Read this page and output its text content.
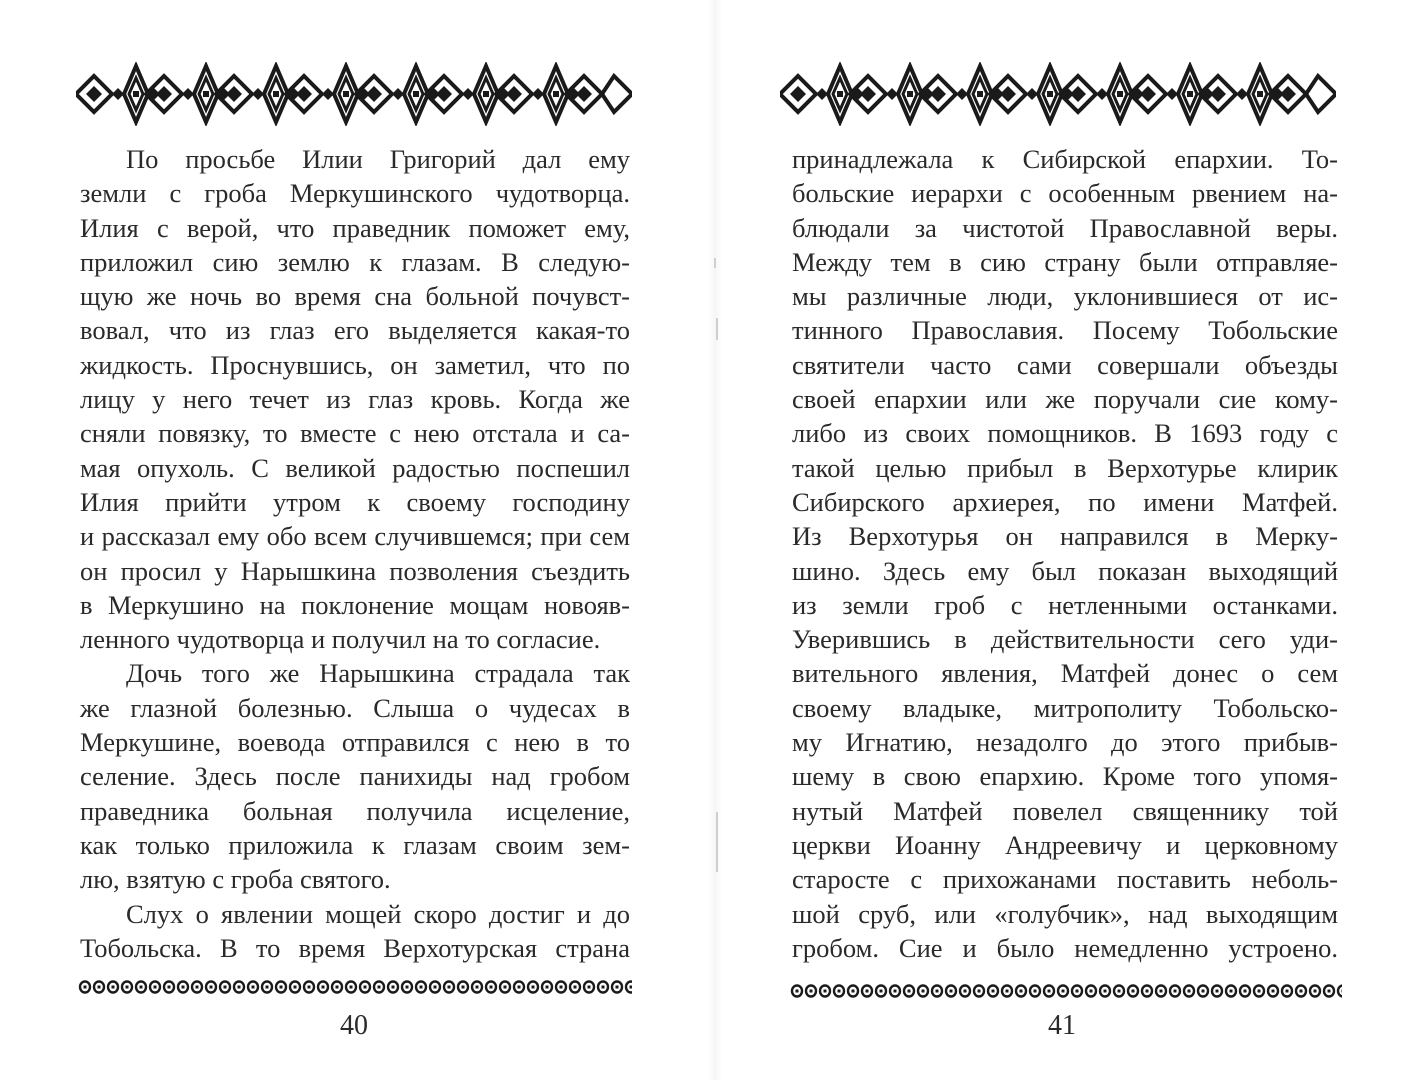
По просьбе Илии Григорий дал ему
земли с гроба Меркушинского чудотворца.
Илия с верой, что праведник поможет ему,
приложил сию землю к глазам. В следую-
щую же ночь во время сна больной почувст-
вовал, что из глаз его выделяется какая-то
жидкость. Проснувшись, он заметил, что по
лицу у него течет из глаз кровь. Когда же
сняли повязку, то вместе с нею отстала и са-
мая опухоль. С великой радостью поспешил
Илия прийти утром к своему господину
и рассказал ему обо всем случившемся; при сем
он просил у Нарышкина позволения съездить
в Меркушино на поклонение мощам новояв-
ленного чудотворца и получил на то согласие.
Дочь того же Нарышкина страдала так
же глазной болезнью. Слыша о чудесах в
Меркушине, воевода отправился с нею в то
селение. Здесь после панихиды над гробом
праведника больная получила исцеление,
как только приложила к глазам своим зем-
лю, взятую с гроба святого.
Слух о явлении мощей скоро достиг и до
Тобольска. В то время Верхотурская страна
40
принадлежала к Сибирской епархии. То-
больские иерархи с особенным рвением на-
блюдали за чистотой Православной веры.
Между тем в сию страну были отправляе-
мы различные люди, уклонившиеся от ис-
тинного Православия. Посему Тобольские
святители часто сами совершали объезды
своей епархии или же поручали сие кому-
либо из своих помощников. В 1693 году с
такой целью прибыл в Верхотурье клирик
Сибирского архиерея, по имени Матфей.
Из Верхотурья он направился в Мерку-
шино. Здесь ему был показан выходящий
из земли гроб с нетленными останками.
Уверившись в действительности сего уди-
вительного явления, Матфей донес о сем
своему владыке, митрополиту Тобольско-
му Игнатию, незадолго до этого прибыв-
шему в свою епархию. Кроме того упомя-
нутый Матфей повелел священнику той
церкви Иоанну Андреевичу и церковному
старосте с прихожанами поставить неболь-
шой сруб, или «голубчик», над выходящим
гробом. Сие и было немедленно устроено.
41
